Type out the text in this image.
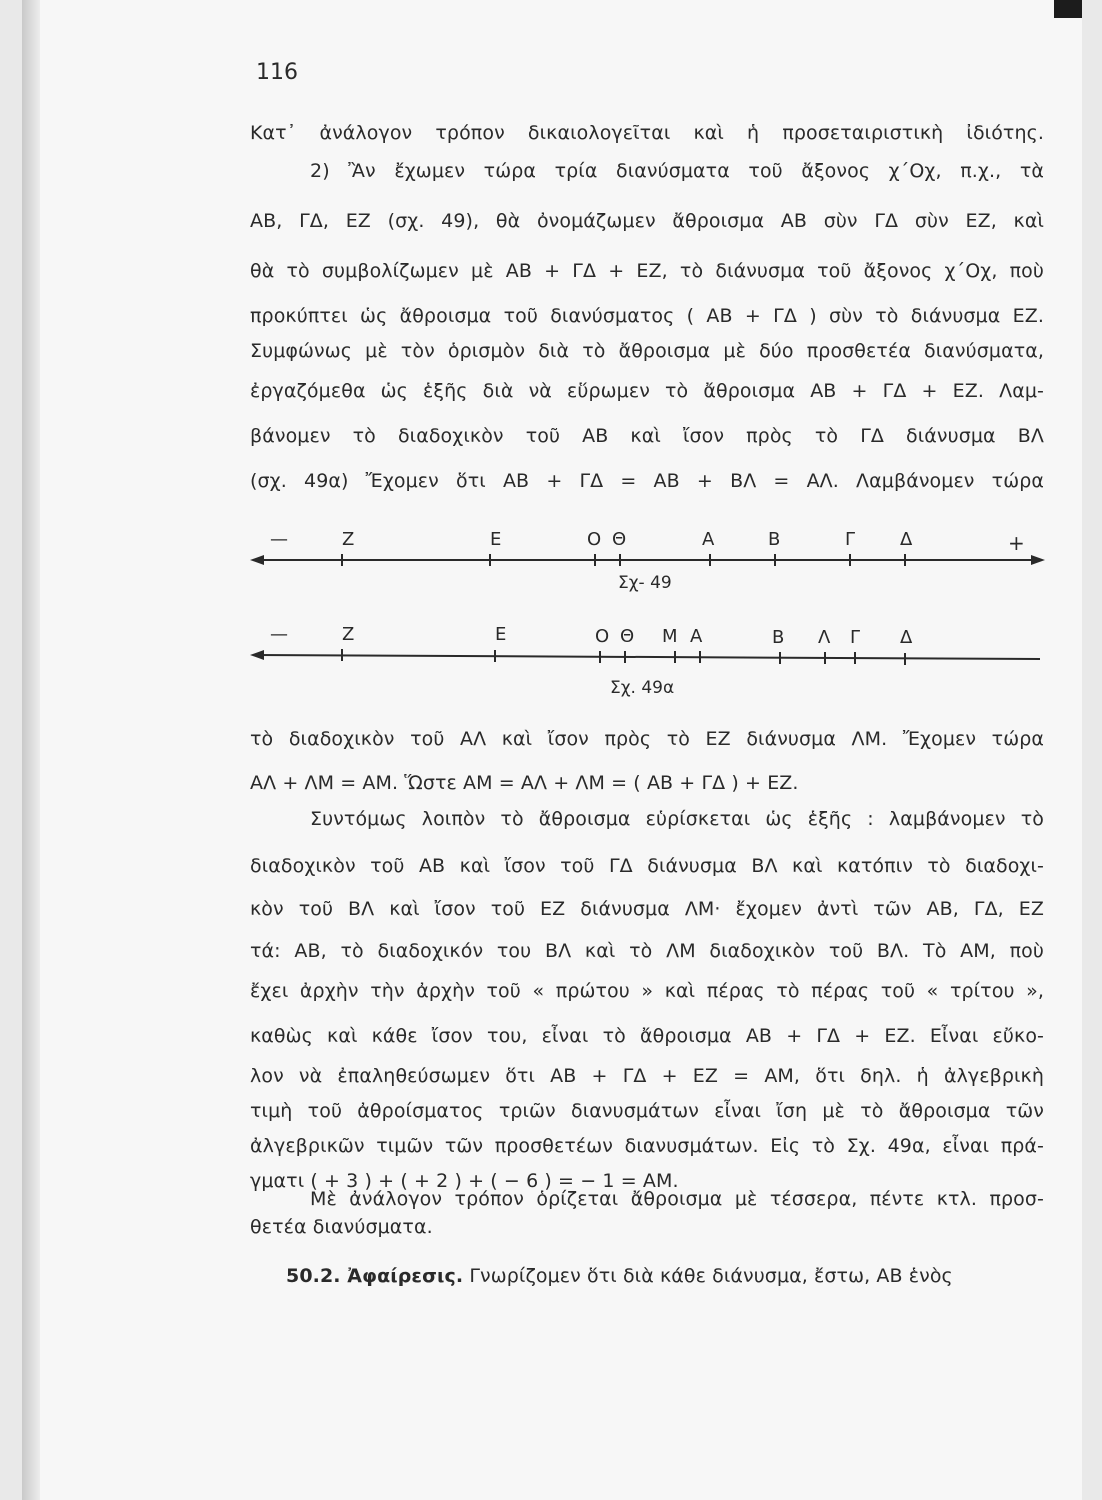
116
Κατ᾽ ἀνάλογον τρόπον δικαιολογεῖται καὶ ἡ προσεταιριστικὴ ἰδιότης.
2) Ἂν ἔχωμεν τώρα τρία διανύσματα τοῦ ἄξονος χ΄Οχ, π.χ., τὰ
AB, ΓΔ, EZ (σχ. 49), θὰ ὀνομάζωμεν ἄθροισμα AB σὺν ΓΔ σὺν EZ, καὶ
θὰ τὸ συμβολίζωμεν μὲ AB + ΓΔ + EZ, τὸ διάνυσμα τοῦ ἄξονος χ΄Οχ, ποὺ
προκύπτει ὡς ἄθροισμα τοῦ διανύσματος ( AB + ΓΔ ) σὺν τὸ διάνυσμα EZ.
Συμφώνως μὲ τὸν ὁρισμὸν διὰ τὸ ἄθροισμα μὲ δύο προσθετέα διανύσματα,
ἐργαζόμεθα ὡς ἑξῆς διὰ νὰ εὕρωμεν τὸ ἄθροισμα AB + ΓΔ + EZ. Λαμ-
βάνομεν τὸ διαδοχικὸν τοῦ AB καὶ ἴσον πρὸς τὸ ΓΔ διάνυσμα ΒΛ
(σχ. 49α) Ἔχομεν ὅτι AB + ΓΔ = AB + ΒΛ = AΛ. Λαμβάνομεν τώρα
—	Z	E	O Θ	A	B	Γ Δ	+
Σχ- 49
—	Z	E	O Θ M A	B Λ Γ Δ
Σχ. 49α
τὸ διαδοχικὸν τοῦ AΛ καὶ ἴσον πρὸς τὸ EZ διάνυσμα ΛΜ. Ἔχομεν τώρα
AΛ + ΛΜ = AM. Ὥστε AM = AΛ + ΛΜ = ( AB + ΓΔ ) + EZ.
Συντόμως λοιπὸν τὸ ἄθροισμα εὑρίσκεται ὡς ἑξῆς : λαμβάνομεν τὸ
διαδοχικὸν τοῦ AB καὶ ἴσον τοῦ ΓΔ διάνυσμα ΒΛ καὶ κατόπιν τὸ διαδοχι-
κὸν τοῦ ΒΛ καὶ ἴσον τοῦ EZ διάνυσμα ΛΜ· ἔχομεν ἀντὶ τῶν AB, ΓΔ, EZ
τά: AB, τὸ διαδοχικόν του ΒΛ καὶ τὸ ΛΜ διαδοχικὸν τοῦ ΒΛ. Τὸ AM, ποὺ
ἔχει ἀρχὴν τὴν ἀρχὴν τοῦ « πρώτου » καὶ πέρας τὸ πέρας τοῦ « τρίτου »,
καθὼς καὶ κάθε ἴσον του, εἶναι τὸ ἄθροισμα AB + ΓΔ + EZ. Εἶναι εὔκο-
λον νὰ ἐπαληθεύσωμεν ὅτι AB + ΓΔ + EZ = AM, ὅτι δηλ. ἡ ἀλγεβρικὴ
τιμὴ τοῦ ἀθροίσματος τριῶν διανυσμάτων εἶναι ἴση μὲ τὸ ἄθροισμα τῶν
ἀλγεβρικῶν τιμῶν τῶν προσθετέων διανυσμάτων. Εἰς τὸ Σχ. 49α, εἶναι πρά-
γματι ( + 3 ) + ( + 2 ) + ( − 6 ) = − 1 = AM.
Μὲ ἀνάλογον τρόπον ὁρίζεται ἄθροισμα μὲ τέσσερα, πέντε κτλ. προσ-
θετέα διανύσματα.
50.2. Ἀφαίρεσις. Γνωρίζομεν ὅτι διὰ κάθε διάνυσμα, ἔστω, AB ἑνὸς
